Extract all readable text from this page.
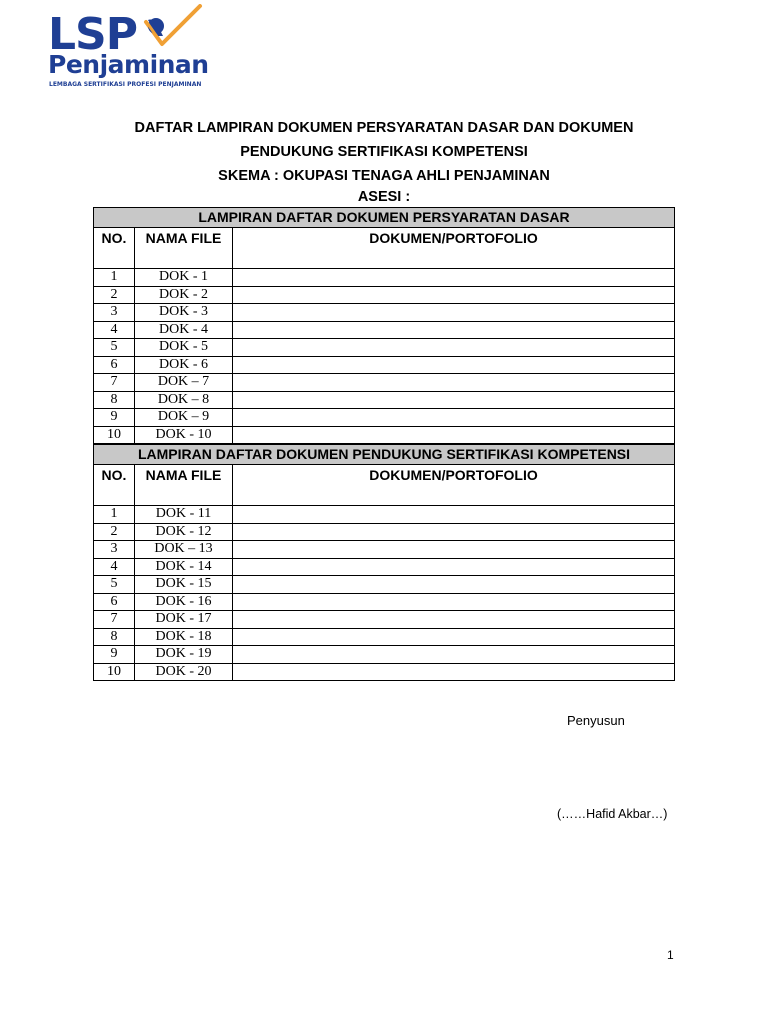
LSP
Penjaminan
LEMBAGA SERTIFIKASI PROFESI PENJAMINAN
DAFTAR LAMPIRAN DOKUMEN PERSYARATAN DASAR DAN DOKUMEN
PENDUKUNG SERTIFIKASI KOMPETENSI
SKEMA : OKUPASI TENAGA AHLI PENJAMINAN
ASESI :
LAMPIRAN DAFTAR DOKUMEN PERSYARATAN DASAR		
NO.	NAMA FILE	DOKUMEN/PORTOFOLIO
1	DOK - 1	
2	DOK - 2	
3	DOK - 3	
4	DOK - 4	
5	DOK - 5	
6	DOK - 6	
7	DOK – 7	
8	DOK – 8	
9	DOK – 9	
10	DOK - 10	
LAMPIRAN DAFTAR DOKUMEN PENDUKUNG SERTIFIKASI KOMPETENSI		
NO.	NAMA FILE	DOKUMEN/PORTOFOLIO
1	DOK - 11	
2	DOK - 12	
3	DOK – 13	
4	DOK - 14	
5	DOK - 15	
6	DOK - 16	
7	DOK - 17	
8	DOK - 18	
9	DOK - 19	
10	DOK - 20	
Penyusun
(……Hafid Akbar…)
1
